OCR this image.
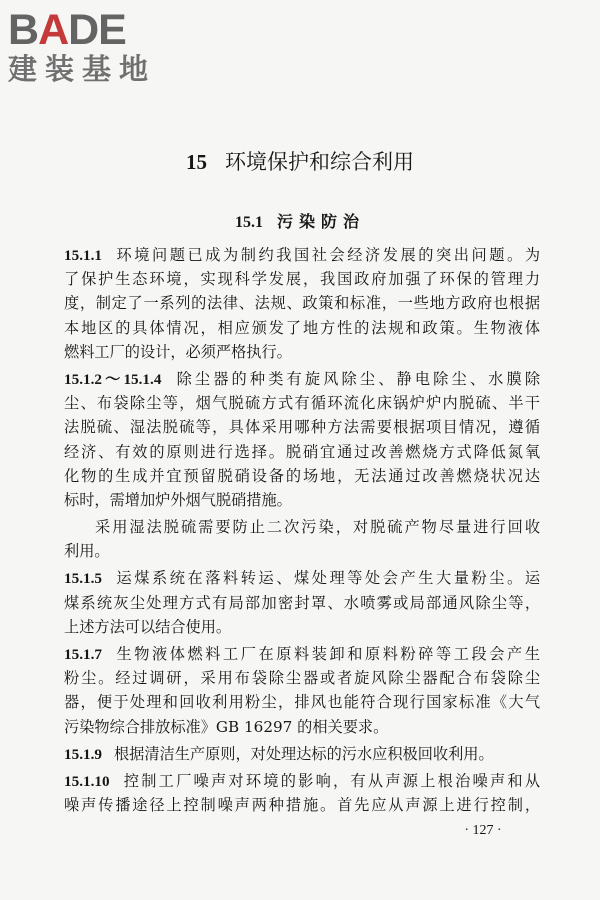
BADE
建装基地
15 环境保护和综合利用
15.1 污染防治
15.1.1 环境问题已成为制约我国社会经济发展的突出问题。为
了保护生态环境，实现科学发展，我国政府加强了环保的管理力
度，制定了一系列的法律、法规、政策和标准，一些地方政府也根据
本地区的具体情况，相应颁发了地方性的法规和政策。生物液体
燃料工厂的设计，必须严格执行。
15.1.2～15.1.4 除尘器的种类有旋风除尘、静电除尘、水膜除
尘、布袋除尘等，烟气脱硫方式有循环流化床锅炉炉内脱硫、半干
法脱硫、湿法脱硫等，具体采用哪种方法需要根据项目情况，遵循
经济、有效的原则进行选择。脱硝宜通过改善燃烧方式降低氮氧
化物的生成并宜预留脱硝设备的场地，无法通过改善燃烧状况达
标时，需增加炉外烟气脱硝措施。
采用湿法脱硫需要防止二次污染，对脱硫产物尽量进行回收
利用。
15.1.5 运煤系统在落料转运、煤处理等处会产生大量粉尘。运
煤系统灰尘处理方式有局部加密封罩、水喷雾或局部通风除尘等，
上述方法可以结合使用。
15.1.7 生物液体燃料工厂在原料装卸和原料粉碎等工段会产生
粉尘。经过调研，采用布袋除尘器或者旋风除尘器配合布袋除尘
器，便于处理和回收利用粉尘，排风也能符合现行国家标准《大气
污染物综合排放标准》GB 16297 的相关要求。
15.1.9 根据清洁生产原则，对处理达标的污水应积极回收利用。
15.1.10 控制工厂噪声对环境的影响，有从声源上根治噪声和从
噪声传播途径上控制噪声两种措施。首先应从声源上进行控制，
· 127 ·
